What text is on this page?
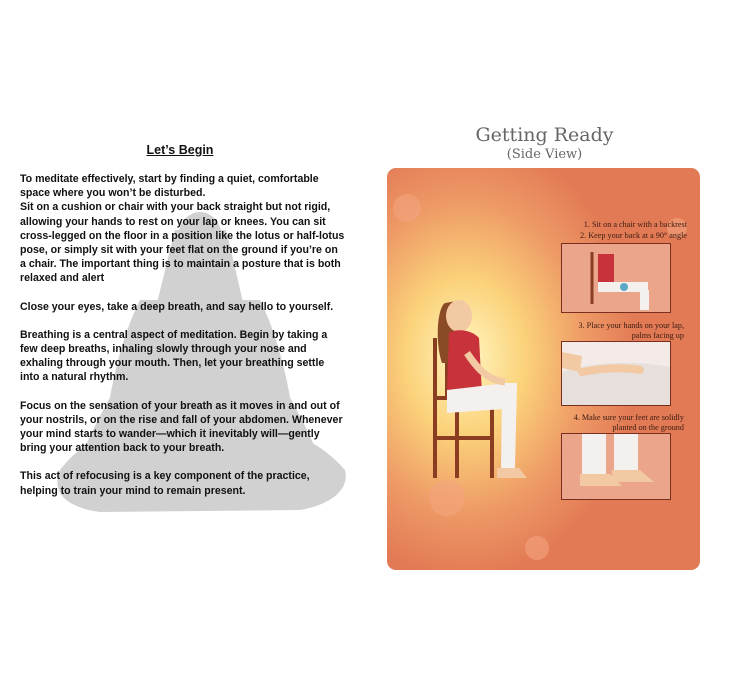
Let’s Begin

To meditate effectively, start by finding a quiet, comfortable space where you won’t be disturbed.

Sit on a cushion or chair with your back straight but not rigid, allowing your hands to rest on your lap or knees. You can sit cross-legged on the floor in a position like the lotus or half-lotus pose, or simply sit with your feet flat on the ground if you’re on a chair. The important thing is to maintain a posture that is both relaxed and alert

Close your eyes, take a deep breath, and say hello to yourself.

Breathing is a central aspect of meditation. Begin by taking a few deep breaths, inhaling slowly through your nose and exhaling through your mouth. Then, let your breathing settle into a natural rhythm.

Focus on the sensation of your breath as it moves in and out of your nostrils, or on the rise and fall of your abdomen. Whenever your mind starts to wander—which it inevitably will—gently bring your attention back to your breath.

This act of refocusing is a key component of the practice, helping to train your mind to remain present.

Getting Ready
(Side View)
1. Sit on a chair with a backrest
2. Keep your back at a 90° angle
3. Place your hands on your lap,
palms facing up
4. Make sure your feet are solidly
planted on the ground
